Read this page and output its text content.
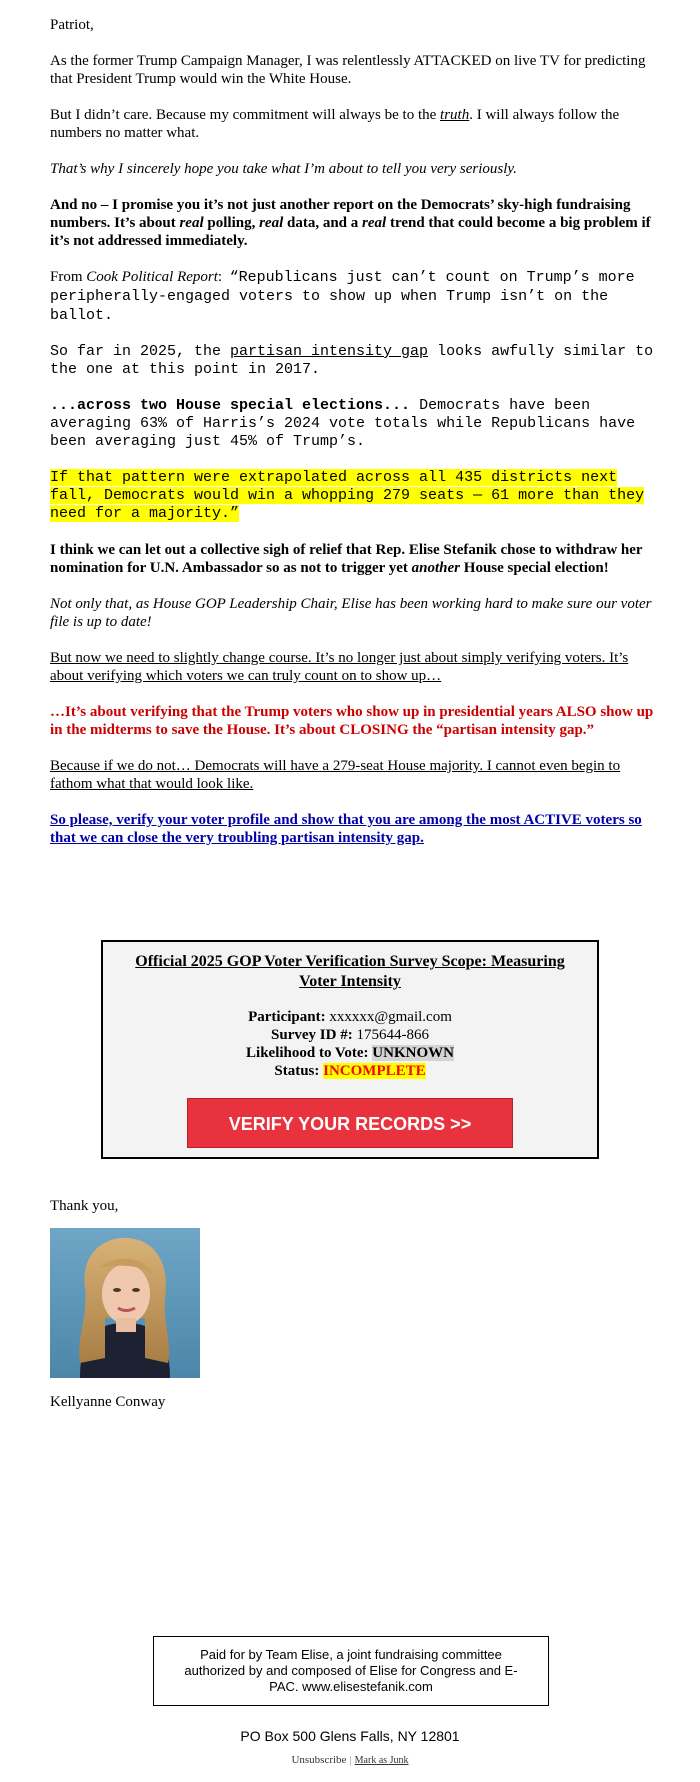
Patriot,

As the former Trump Campaign Manager, I was relentlessly ATTACKED on live TV for predicting that President Trump would win the White House.

But I didn’t care. Because my commitment will always be to the truth. I will always follow the numbers no matter what.

That’s why I sincerely hope you take what I’m about to tell you very seriously.

And no – I promise you it’s not just another report on the Democrats’ sky-high fundraising numbers. It’s about real polling, real data, and a real trend that could become a big problem if it’s not addressed immediately.

From Cook Political Report:  “Republicans just can’t count on Trump’s more peripherally-engaged voters to show up when Trump isn’t on the ballot.

So far in 2025, the partisan intensity gap looks awfully similar to the one at this point in 2017.

...across two House special elections... Democrats have been averaging 63% of Harris’s 2024 vote totals while Republicans have been averaging just 45% of Trump’s.

If that pattern were extrapolated across all 435 districts next fall, Democrats would win a whopping 279 seats — 61 more than they need for a majority.”

I think we can let out a collective sigh of relief that Rep. Elise Stefanik chose to withdraw her nomination for U.N. Ambassador so as not to trigger yet another House special election!

Not only that, as House GOP Leadership Chair, Elise has been working hard to make sure our voter file is up to date!

But now we need to slightly change course. It’s no longer just about simply verifying voters. It’s about verifying which voters we can truly count on to show up…

…It’s about verifying that the Trump voters who show up in presidential years ALSO show up in the midterms to save the House. It’s about CLOSING the “partisan intensity gap.”

Because if we do not… Democrats will have a 279-seat House majority. I cannot even begin to fathom what that would look like.

So please, verify your voter profile and show that you are among the most ACTIVE voters so that we can close the very troubling partisan intensity gap.

Official 2025 GOP Voter Verification Survey Scope: Measuring Voter Intensity
Participant: xxxxxx@gmail.com
Survey ID #: 175644-866
Likelihood to Vote: UNKNOWN
Status: INCOMPLETE
VERIFY YOUR RECORDS >>
Thank you,
Kellyanne Conway
Paid for by Team Elise, a joint fundraising committee authorized by and composed of Elise for Congress and E-PAC. www.elisestefanik.com
PO Box 500 Glens Falls, NY 12801
Unsubscribe | Mark as Junk
